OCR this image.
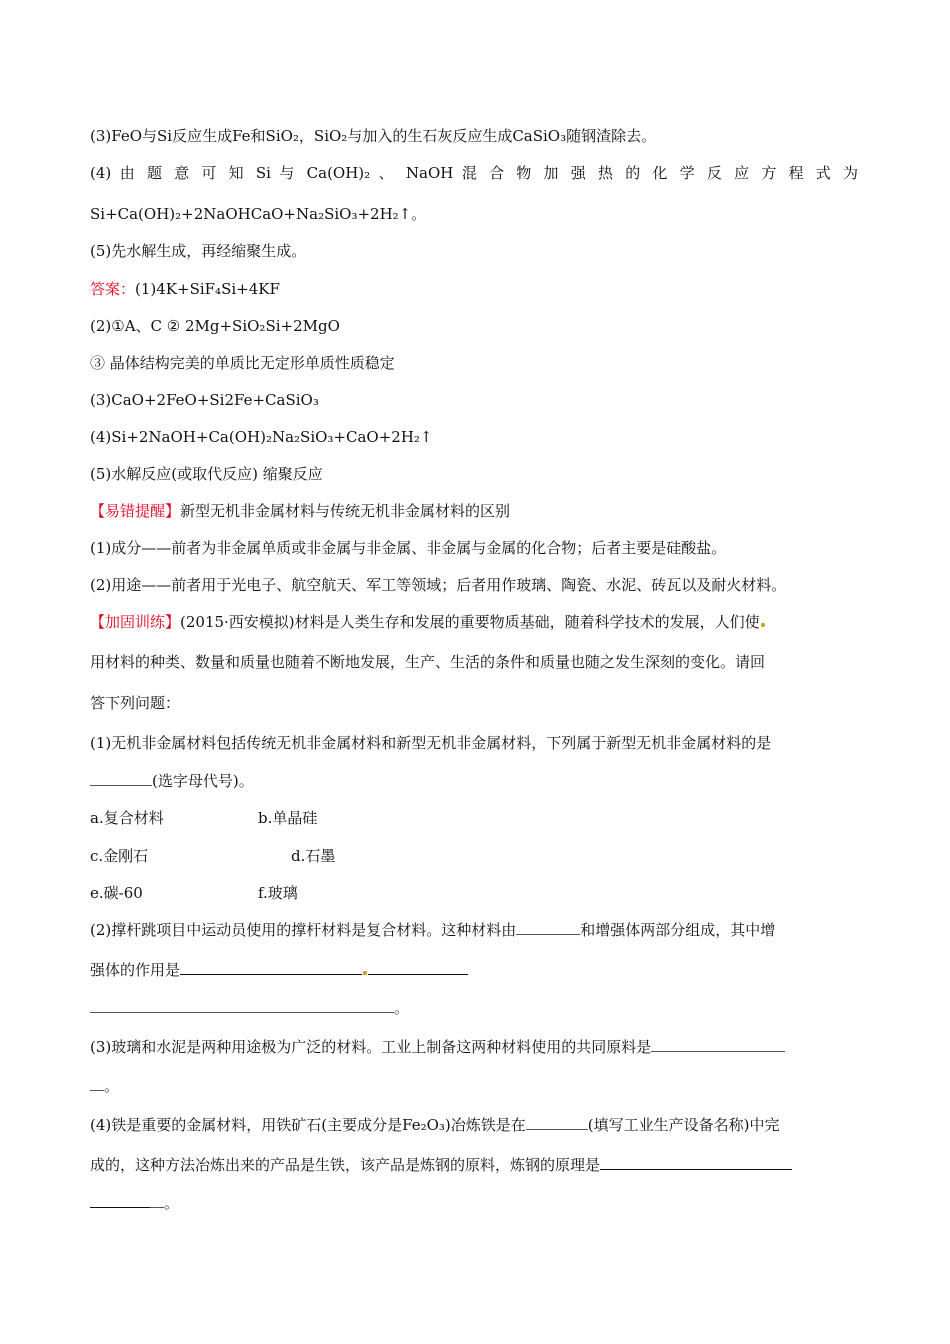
(3)FeO与Si反应生成Fe和SiO₂，SiO₂与加入的生石灰反应生成CaSiO₃随钢渣除去。
(4) 由 题 意 可 知 Si 与 Ca(OH)₂ 、 NaOH 混 合 物 加 强 热 的 化 学 反 应 方 程 式 为
Si+Ca(OH)₂+2NaOHCaO+Na₂SiO₃+2H₂↑。
(5)先水解生成，再经缩聚生成。
答案：(1)4K+SiF₄Si+4KF
(2)①A、C ② 2Mg+SiO₂Si+2MgO
③ 晶体结构完美的单质比无定形单质性质稳定
(3)CaO+2FeO+Si2Fe+CaSiO₃
(4)Si+2NaOH+Ca(OH)₂Na₂SiO₃+CaO+2H₂↑
(5)水解反应(或取代反应) 缩聚反应
【易错提醒】新型无机非金属材料与传统无机非金属材料的区别
(1)成分——前者为非金属单质或非金属与非金属、非金属与金属的化合物；后者主要是硅酸盐。
(2)用途——前者用于光电子、航空航天、军工等领域；后者用作玻璃、陶瓷、水泥、砖瓦以及耐火材料。
【加固训练】(2015·西安模拟)材料是人类生存和发展的重要物质基础，随着科学技术的发展，人们使
用材料的种类、数量和质量也随着不断地发展，生产、生活的条件和质量也随之发生深刻的变化。请回
答下列问题：
(1)无机非金属材料包括传统无机非金属材料和新型无机非金属材料，下列属于新型无机非金属材料的是
(选字母代号)。
a.复合材料	b.单晶硅
c.金刚石	d.石墨
e.碳-60	f.玻璃
(2)撑杆跳项目中运动员使用的撑杆材料是复合材料。这种材料由	和增强体两部分组成，其中增
强体的作用是
。
(3)玻璃和水泥是两种用途极为广泛的材料。工业上制备这两种材料使用的共同原料是
。
(4)铁是重要的金属材料，用铁矿石(主要成分是Fe₂O₃)冶炼铁是在	(填写工业生产设备名称)中完
成的，这种方法冶炼出来的产品是生铁，该产品是炼钢的原料，炼钢的原理是
。
